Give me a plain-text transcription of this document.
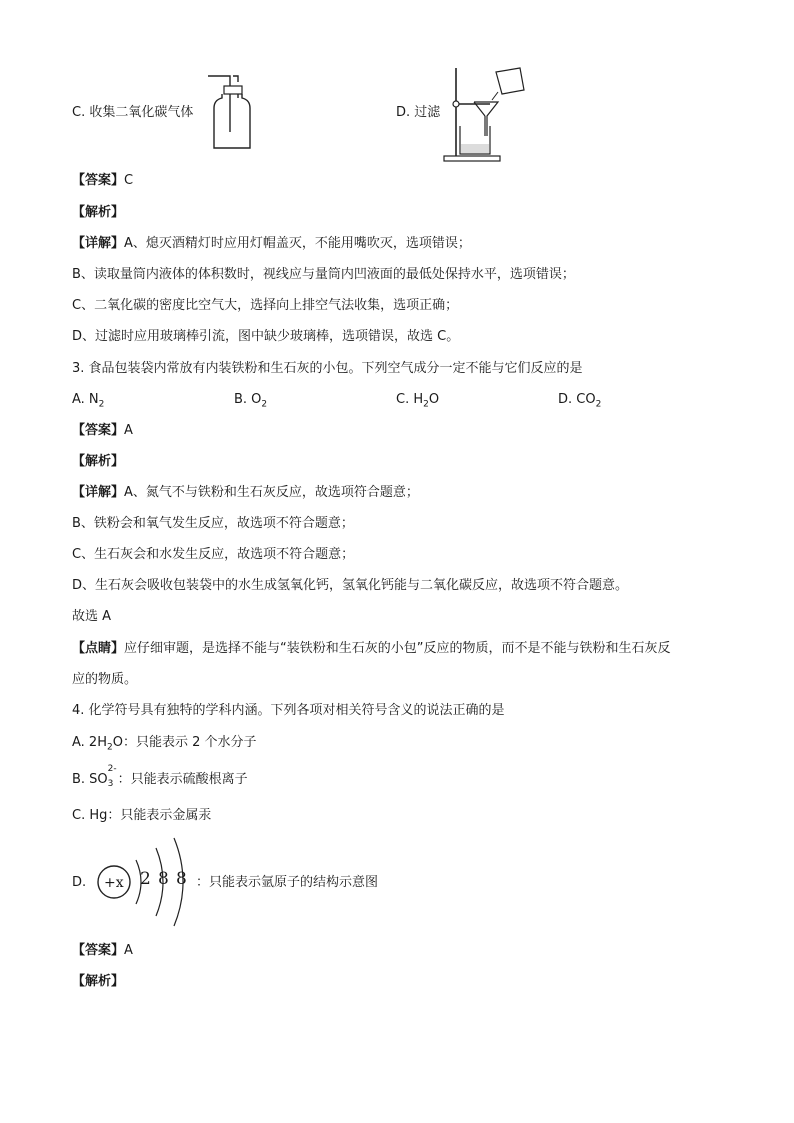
C. 收集二氧化碳气体	D. 过滤
【答案】C
【解析】
【详解】A、熄灭酒精灯时应用灯帽盖灭，不能用嘴吹灭，选项错误；
B、读取量筒内液体的体积数时，视线应与量筒内凹液面的最低处保持水平，选项错误；
C、二氧化碳的密度比空气大，选择向上排空气法收集，选项正确；
D、过滤时应用玻璃棒引流，图中缺少玻璃棒，选项错误，故选 C。
3. 食品包装袋内常放有内装铁粉和生石灰的小包。下列空气成分一定不能与它们反应的是
A. $N_2$	B. $O_2$	C. $H_2O$	D. $CO_2$
【答案】A
【解析】
【详解】A、氮气不与铁粉和生石灰反应，故选项符合题意；
B、铁粉会和氧气发生反应，故选项不符合题意；
C、生石灰会和水发生反应，故选项不符合题意；
D、生石灰会吸收包装袋中的水生成氢氧化钙，氢氧化钙能与二氧化碳反应，故选项不符合题意。
故选 A
【点睛】应仔细审题，是选择不能与“装铁粉和生石灰的小包”反应的物质，而不是不能与铁粉和生石灰反
应的物质。
4. 化学符号具有独特的学科内涵。下列各项对相关符号含义的说法正确的是
A. $2H_2O$：只能表示 2 个水分子
B. SO
2-
3 ：只能表示硫酸根离子
C. Hg：只能表示金属汞
D. +x 2 8 8 ：只能表示氩原子的结构示意图
【答案】A
【解析】
